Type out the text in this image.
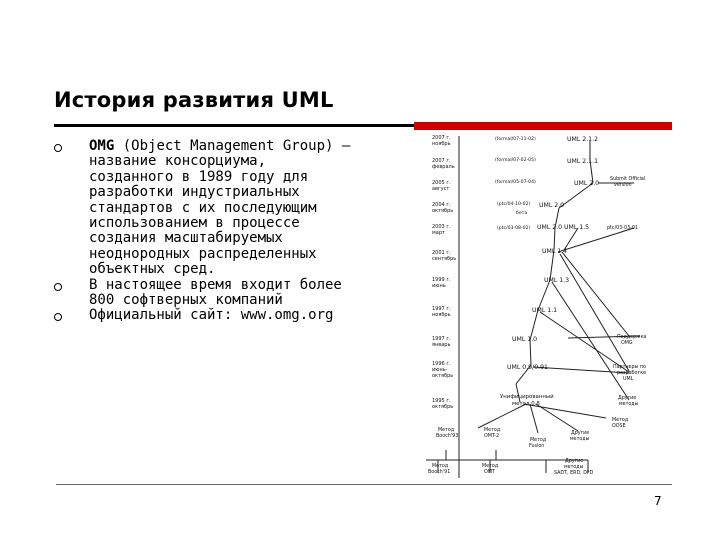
История развития UML
OMG (Object Management Group) — название консорциума, созданного в 1989 году для разработки индустриальных стандартов с их последующим использованием в процессе создания масштабируемых неоднородных распределенных объектных сред.
В настоящее время входит более 800 софтверных компаний
Официальный сайт: www.omg.org
2007 г. ноябрь
2007 г. февраль
2005 г. август
2004 г. октябрь
2003 г. март
2001 г. сентябрь
1999 г. июнь
1997 г. ноябрь
1997 г. январь
1996 г. июнь-октябрь
1995 г. октябрь
(formal/07-11-02)
(formal/07-02-05)
(formal/05-07-04)
(ptc/04-10-02)
(ptc/03-08-02)
бета
UML 2.1.2
UML 2.1.1
UML 2.0
UML 2.0
UML 2.0 UML 1.5
UML 1.4
UML 1.3
UML 1.1
UML 1.0
UML 0.9/0.91
Submit Official version
ptc/03-03-01
Поддержка OMG
Партнеры по разработке UML
Другие методы
Метод OOSE
Унифицированный метод 0.8
Метод Booch'93
Метод OMT-2
Метод Fusion
Другие методы
Метод Booch'91
Метод OMT
Другие методы SADT, ERD, DFD
7
